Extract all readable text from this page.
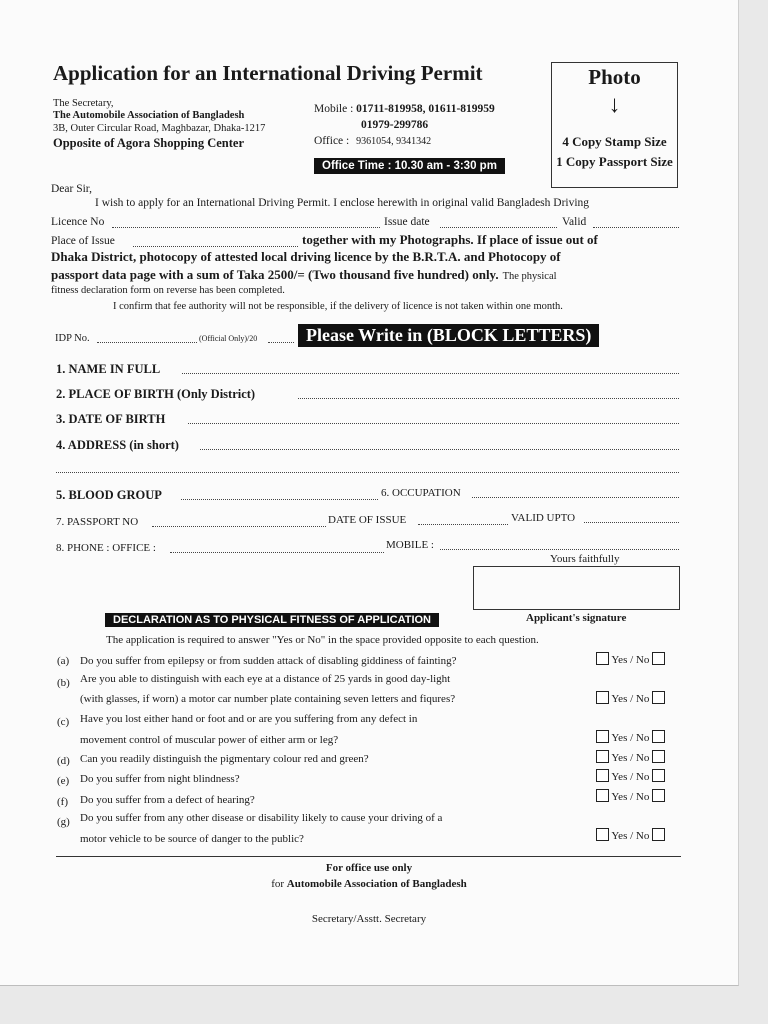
Application for an International Driving Permit
The Secretary,
The Automobile Association of Bangladesh
3B, Outer Circular Road, Maghbazar, Dhaka-1217
Opposite of Agora Shopping Center
Mobile : 01711-819958, 01611-819959
01979-299786
Office : 9361054, 9341342
Office Time : 10.30 am - 3:30 pm
Photo
↓
4 Copy Stamp Size
1 Copy Passport Size
Dear Sir,
I wish to apply for an International Driving Permit. I enclose herewith in original valid Bangladesh Driving
Licence No	Issue date	Valid
Place of Issue	together with my Photographs. If place of issue out of
Dhaka District, photocopy of attested local driving licence by the B.R.T.A. and Photocopy of
passport data page with a sum of Taka 2500/= (Two thousand five hundred) only. The physical
fitness declaration form on reverse has been completed.
I confirm that fee authority will not be responsible, if the delivery of licence is not taken within one month.
IDP No.	(Official Only)/20	Please Write in (BLOCK LETTERS)
1. NAME IN FULL
2. PLACE OF BIRTH (Only District)
3. DATE OF BIRTH
4. ADDRESS (in short)
5. BLOOD GROUP	6. OCCUPATION
7. PASSPORT NO	DATE OF ISSUE	VALID UPTO
8. PHONE : OFFICE :	MOBILE :
Yours faithfully
Applicant's signature
DECLARATION AS TO PHYSICAL FITNESS OF APPLICATION
The application is required to answer "Yes or No" in the space provided opposite to each question.
(a) Do you suffer from epilepsy or from sudden attack of disabling giddiness of fainting?	Yes / No
(b) Are you able to distinguish with each eye at a distance of 25 yards in good day-light
(with glasses, if worn) a motor car number plate containing seven letters and fiqures?	Yes / No
(c) Have you lost either hand or foot and or are you suffering from any defect in
movement control of muscular power of either arm or leg?	Yes / No
(d) Can you readily distinguish the pigmentary colour red and green?	Yes / No
(e) Do you suffer from night blindness?	Yes / No
(f) Do you suffer from a defect of hearing?	Yes / No
(g) Do you suffer from any other disease or disability likely to cause your driving of a
motor vehicle to be source of danger to the public?	Yes / No
For office use only
for Automobile Association of Bangladesh
Secretary/Asstt. Secretary
